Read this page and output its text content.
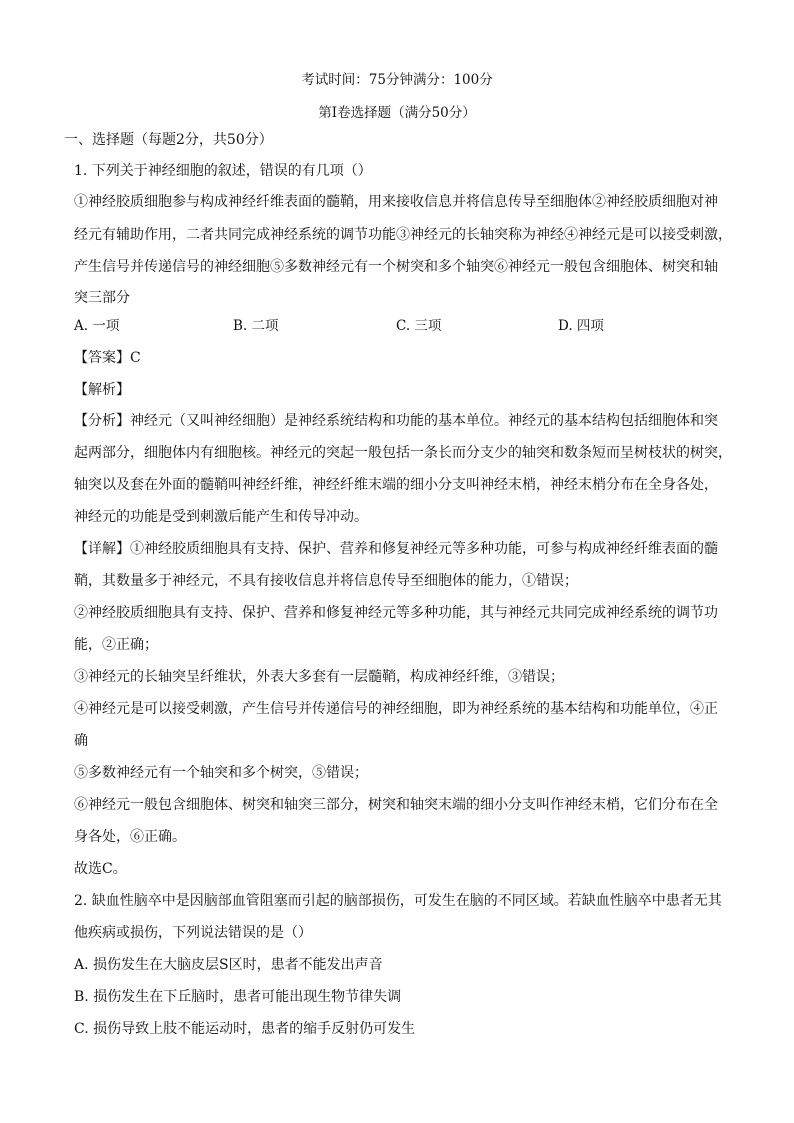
考试时间：75分钟满分：100分
第Ⅰ卷选择题（满分50分）
一、选择题（每题2分，共50分）
1. 下列关于神经细胞的叙述，错误的有几项（）
①神经胶质细胞参与构成神经纤维表面的髓鞘，用来接收信息并将信息传导至细胞体②神经胶质细胞对神
经元有辅助作用，二者共同完成神经系统的调节功能③神经元的长轴突称为神经④神经元是可以接受刺激，
产生信号并传递信号的神经细胞⑤多数神经元有一个树突和多个轴突⑥神经元一般包含细胞体、树突和轴
突三部分
A. 一项	B. 二项	C. 三项	D. 四项
【答案】C
【解析】
【分析】神经元（又叫神经细胞）是神经系统结构和功能的基本单位。神经元的基本结构包括细胞体和突
起两部分，细胞体内有细胞核。神经元的突起一般包括一条长而分支少的轴突和数条短而呈树枝状的树突，
轴突以及套在外面的髓鞘叫神经纤维，神经纤维末端的细小分支叫神经末梢，神经末梢分布在全身各处，
神经元的功能是受到刺激后能产生和传导冲动。
【详解】①神经胶质细胞具有支持、保护、营养和修复神经元等多种功能，可参与构成神经纤维表面的髓
鞘，其数量多于神经元，不具有接收信息并将信息传导至细胞体的能力，①错误；
②神经胶质细胞具有支持、保护、营养和修复神经元等多种功能，其与神经元共同完成神经系统的调节功
能，②正确；
③神经元的长轴突呈纤维状，外表大多套有一层髓鞘，构成神经纤维，③错误；
④神经元是可以接受刺激，产生信号并传递信号的神经细胞，即为神经系统的基本结构和功能单位，④正
确
⑤多数神经元有一个轴突和多个树突，⑤错误；
⑥神经元一般包含细胞体、树突和轴突三部分，树突和轴突末端的细小分支叫作神经末梢，它们分布在全
身各处，⑥正确。
故选C。
2. 缺血性脑卒中是因脑部血管阻塞而引起的脑部损伤，可发生在脑的不同区域。若缺血性脑卒中患者无其
他疾病或损伤，下列说法错误的是（）
A. 损伤发生在大脑皮层S区时，患者不能发出声音
B. 损伤发生在下丘脑时，患者可能出现生物节律失调
C. 损伤导致上肢不能运动时，患者的缩手反射仍可发生
